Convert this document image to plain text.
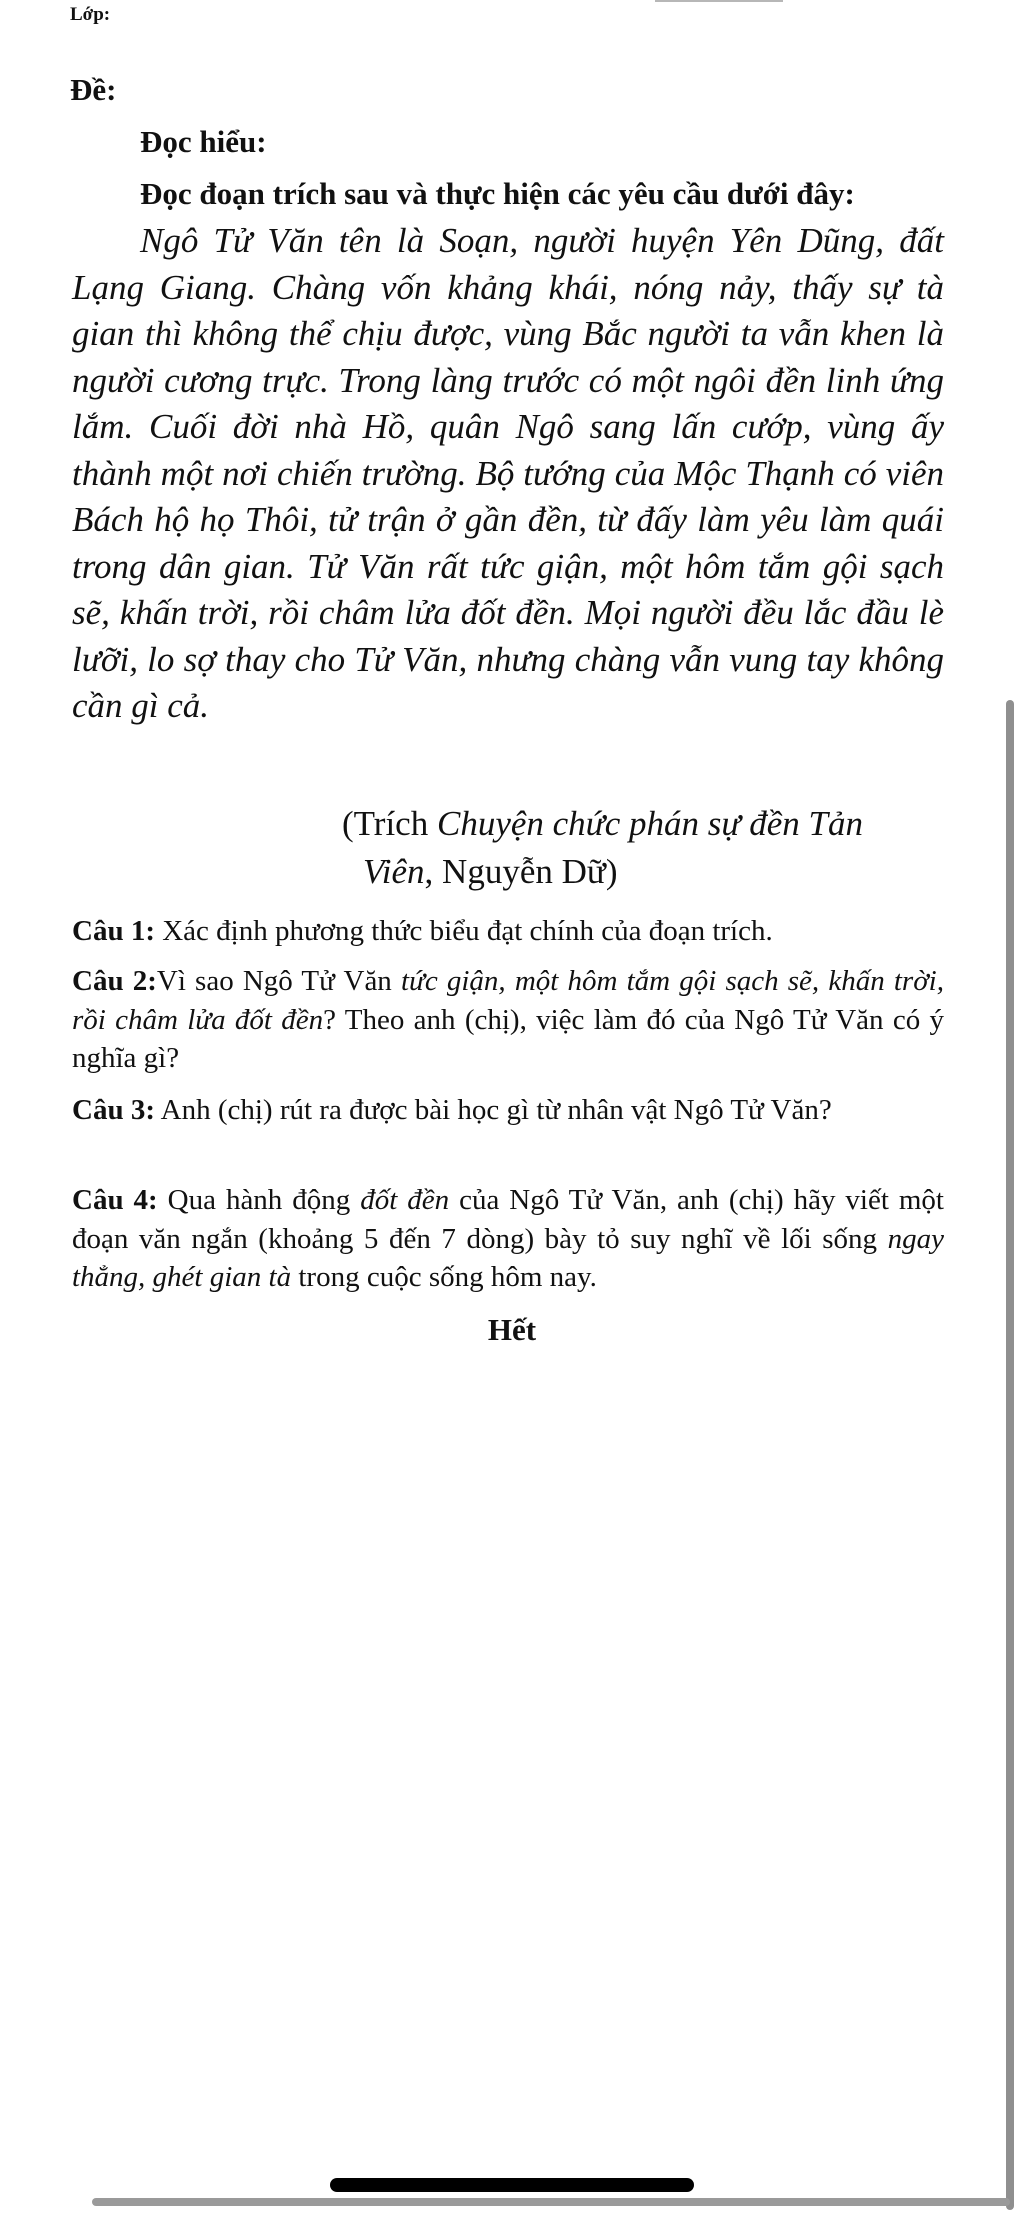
Lớp:
Đề:
Đọc hiểu:
Đọc đoạn trích sau và thực hiện các yêu cầu dưới đây:

Ngô Tử Văn tên là Soạn, người huyện Yên Dũng, đất Lạng Giang. Chàng vốn khảng khái, nóng nảy, thấy sự tà gian thì không thể chịu được, vùng Bắc người ta vẫn khen là người cương trực. Trong làng trước có một ngôi đền linh ứng lắm. Cuối đời nhà Hồ, quân Ngô sang lấn cướp, vùng ấy thành một nơi chiến trường. Bộ tướng của Mộc Thạnh có viên Bách hộ họ Thôi, tử trận ở gần đền, từ đấy làm yêu làm quái trong dân gian. Tử Văn rất tức giận, một hôm tắm gội sạch sẽ, khấn trời, rồi châm lửa đốt đền. Mọi người đều lắc đầu lè lưỡi, lo sợ thay cho Tử Văn, nhưng chàng vẫn vung tay không cần gì cả.

(Trích Chuyện chức phán sự đền Tản
Viên, Nguyễn Dữ)

Câu 1: Xác định phương thức biểu đạt chính của đoạn trích.

Câu 2:Vì sao Ngô Tử Văn tức giận, một hôm tắm gội sạch sẽ, khấn trời, rồi châm lửa đốt đền? Theo anh (chị), việc làm đó của Ngô Tử Văn có ý nghĩa gì?

Câu 3: Anh (chị) rút ra được bài học gì từ nhân vật Ngô Tử Văn?

Câu 4: Qua hành động đốt đền của Ngô Tử Văn, anh (chị) hãy viết một đoạn văn ngắn (khoảng 5 đến 7 dòng) bày tỏ suy nghĩ về lối sống ngay thẳng, ghét gian tà trong cuộc sống hôm nay.

Hết
